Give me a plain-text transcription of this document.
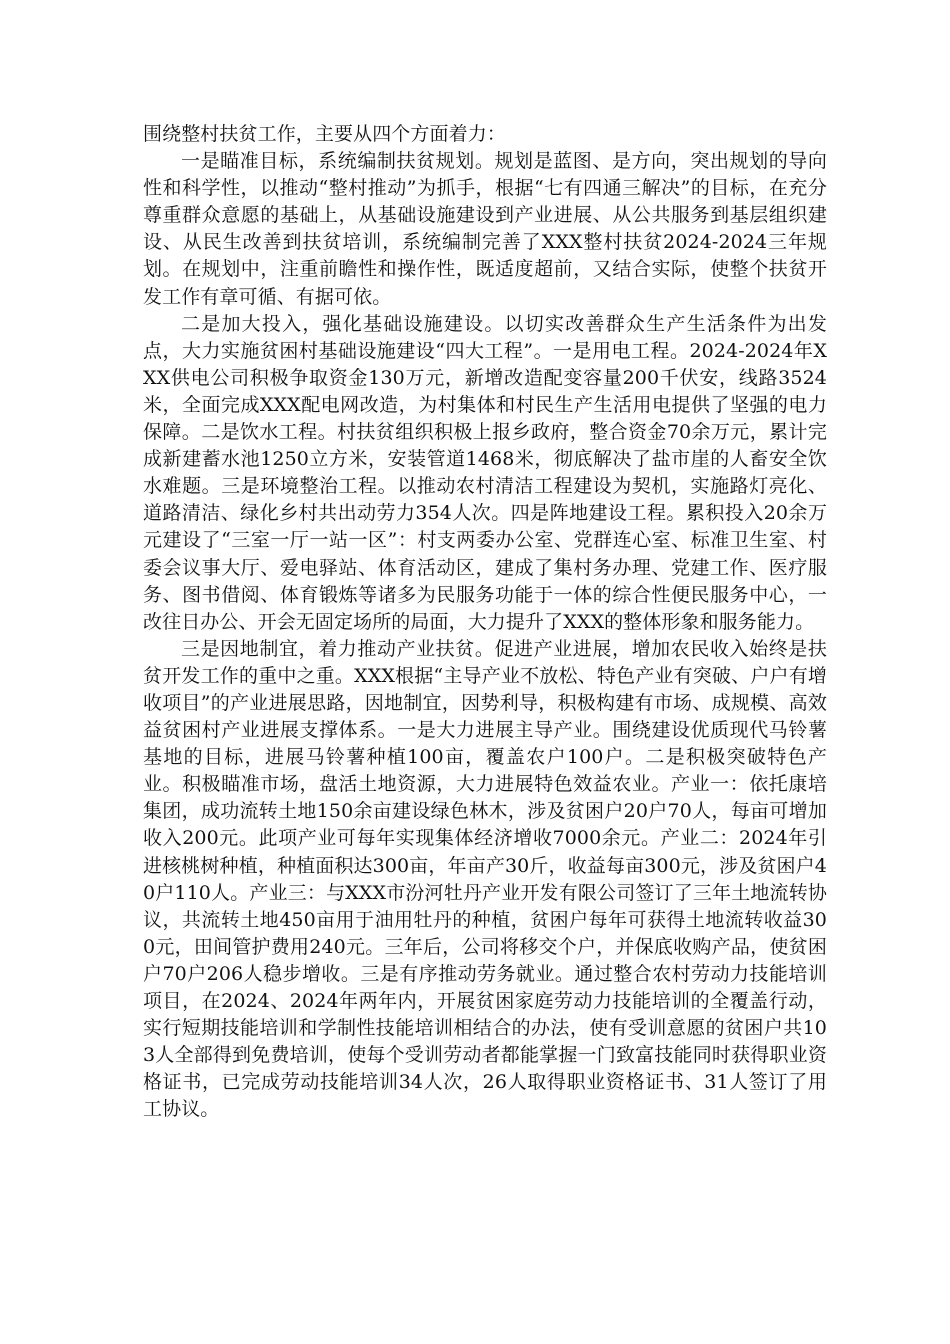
围绕整村扶贫工作，主要从四个方面着力：

一是瞄准目标，系统编制扶贫规划。规划是蓝图、是方向，突出规划的导向性和科学性，以推动“整村推动”为抓手，根据“七有四通三解决”的目标，在充分尊重群众意愿的基础上，从基础设施建设到产业进展、从公共服务到基层组织建设、从民生改善到扶贫培训，系统编制完善了XXX整村扶贫2024-2024三年规划。在规划中，注重前瞻性和操作性，既适度超前，又结合实际，使整个扶贫开发工作有章可循、有据可依。

二是加大投入，强化基础设施建设。以切实改善群众生产生活条件为出发点，大力实施贫困村基础设施建设“四大工程”。一是用电工程。2024-2024年XXX供电公司积极争取资金130万元，新增改造配变容量200千伏安，线路3524米，全面完成XXX配电网改造，为村集体和村民生产生活用电提供了坚强的电力保障。二是饮水工程。村扶贫组织积极上报乡政府，整合资金70余万元，累计完成新建蓄水池1250立方米，安装管道1468米，彻底解决了盐市崖的人畜安全饮水难题。三是环境整治工程。以推动农村清洁工程建设为契机，实施路灯亮化、道路清洁、绿化乡村共出动劳力354人次。四是阵地建设工程。累积投入20余万元建设了“三室一厅一站一区”：村支两委办公室、党群连心室、标准卫生室、村委会议事大厅、爱电驿站、体育活动区，建成了集村务办理、党建工作、医疗服务、图书借阅、体育锻炼等诸多为民服务功能于一体的综合性便民服务中心，一改往日办公、开会无固定场所的局面，大力提升了XXX的整体形象和服务能力。

三是因地制宜，着力推动产业扶贫。促进产业进展，增加农民收入始终是扶贫开发工作的重中之重。XXX根据“主导产业不放松、特色产业有突破、户户有增收项目”的产业进展思路，因地制宜，因势利导，积极构建有市场、成规模、高效益贫困村产业进展支撑体系。一是大力进展主导产业。围绕建设优质现代马铃薯基地的目标，进展马铃薯种植100亩，覆盖农户100户。二是积极突破特色产业。积极瞄准市场，盘活土地资源，大力进展特色效益农业。产业一：依托康培集团，成功流转土地150余亩建设绿色林木，涉及贫困户20户70人，每亩可增加收入200元。此项产业可每年实现集体经济增收7000余元。产业二：2024年引进核桃树种植，种植面积达300亩，年亩产30斤，收益每亩300元，涉及贫困户40户110人。产业三：与XXX市汾河牡丹产业开发有限公司签订了三年土地流转协议，共流转土地450亩用于油用牡丹的种植，贫困户每年可获得土地流转收益300元，田间管护费用240元。三年后，公司将移交个户，并保底收购产品，使贫困户70户206人稳步增收。三是有序推动劳务就业。通过整合农村劳动力技能培训项目，在2024、2024年两年内，开展贫困家庭劳动力技能培训的全覆盖行动，实行短期技能培训和学制性技能培训相结合的办法，使有受训意愿的贫困户共103人全部得到免费培训，使每个受训劳动者都能掌握一门致富技能同时获得职业资格证书，已完成劳动技能培训34人次，26人取得职业资格证书、31人签订了用工协议。
